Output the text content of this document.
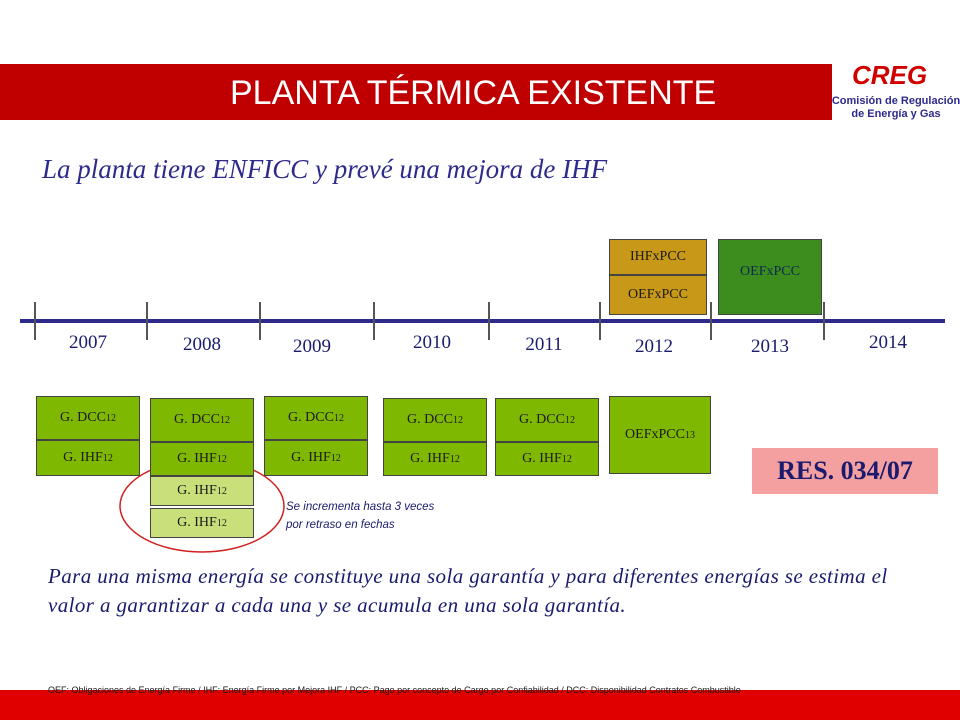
PLANTA TÉRMICA EXISTENTE	CREG
Comisión de Regulación
de Energía y Gas
La planta tiene ENFICC y prevé una mejora de IHF
2007	2008	2009	2010	2011	2012	2013	2014
IHFxPCC
OEFxPCC
OEFxPCC
G. DCC 12
G. IHF 12
G. DCC 12
G. IHF 12
G. IHF 12
G. IHF 12
G. DCC 12
G. IHF 12
G. DCC 12
G. IHF 12
G. DCC 12
G. IHF 12
OEFxPCC 13
RES. 034/07
Se incrementa hasta 3 veces
por retraso en fechas
Para una misma energía se constituye una sola garantía y para diferentes energías se estima el valor a garantizar a cada una y se acumula en una sola garantía.
OEF: Obligaciones de Energía Firme / IHF: Energía Firme por Mejora IHF / PCC: Pago por concepto de Cargo por Confiabilidad / DCC: Disponibilidad Contratos Combustible
